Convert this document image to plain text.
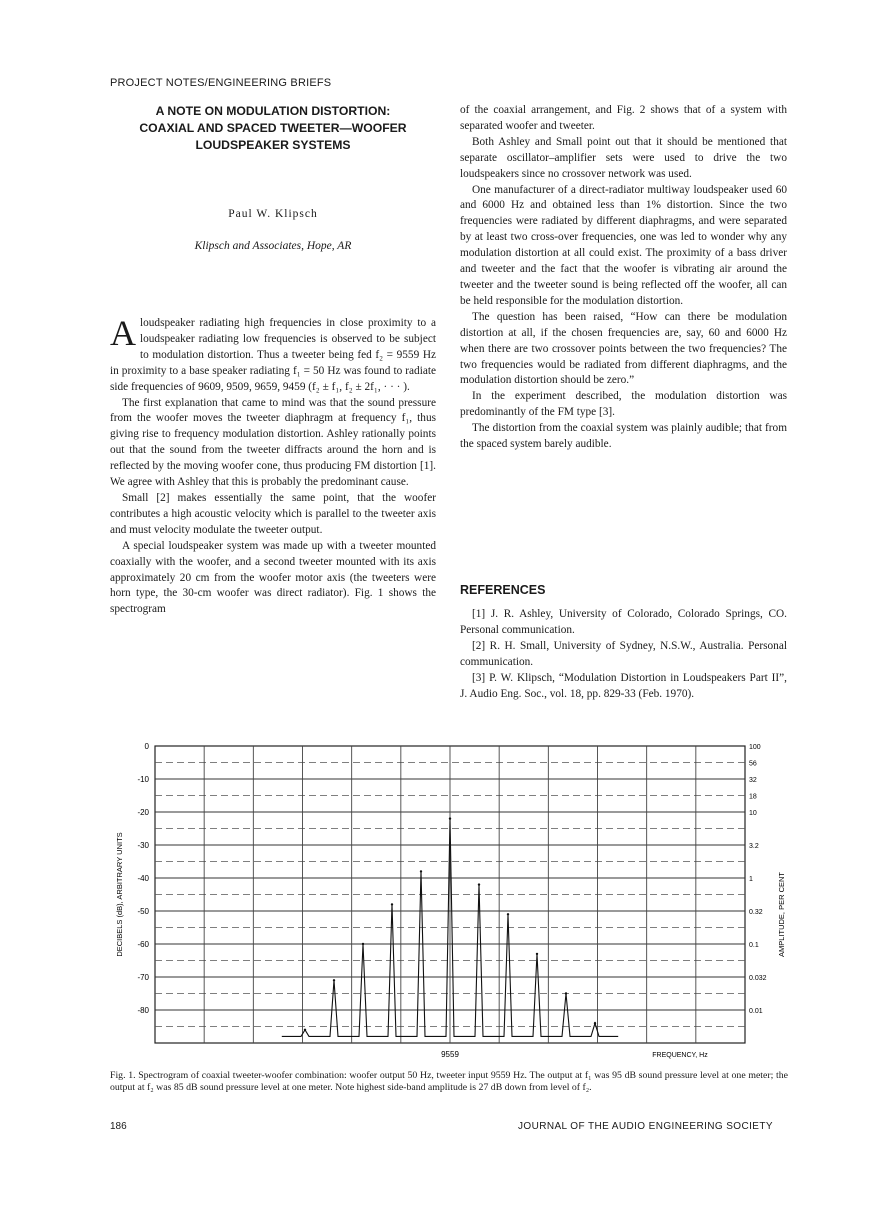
PROJECT NOTES/ENGINEERING BRIEFS
A NOTE ON MODULATION DISTORTION:
COAXIAL AND SPACED TWEETER—WOOFER
LOUDSPEAKER SYSTEMS
Paul W. Klipsch
Klipsch and Associates, Hope, AR

Aloudspeaker radiating high frequencies in close proximity to a loudspeaker radiating low frequencies is observed to be subject to modulation distortion. Thus a tweeter being fed f₂ = 9559 Hz in proximity to a base speaker radiating f₁ = 50 Hz was found to radiate side frequencies of 9609, 9509, 9659, 9459 (f₂ ± f₁, f₂ ± 2f₁, · · · ).

The first explanation that came to mind was that the sound pressure from the woofer moves the tweeter diaphragm at frequency f₁, thus giving rise to frequency modulation distortion. Ashley rationally points out that the sound from the tweeter diffracts around the horn and is reflected by the moving woofer cone, thus producing FM distortion [1]. We agree with Ashley that this is probably the predominant cause.

Small [2] makes essentially the same point, that the woofer contributes a high acoustic velocity which is parallel to the tweeter axis and must velocity modulate the tweeter output.

A special loudspeaker system was made up with a tweeter mounted coaxially with the woofer, and a second tweeter mounted with its axis approximately 20 cm from the woofer motor axis (the tweeters were horn type, the 30-cm woofer was direct radiator). Fig. 1 shows the spectrogram

of the coaxial arrangement, and Fig. 2 shows that of a system with separated woofer and tweeter.

Both Ashley and Small point out that it should be mentioned that separate oscillator–amplifier sets were used to drive the two loudspeakers since no crossover network was used.

One manufacturer of a direct-radiator multiway loudspeaker used 60 and 6000 Hz and obtained less than 1% distortion. Since the two frequencies were radiated by different diaphragms, and were separated by at least two cross-over frequencies, one was led to wonder why any modulation distortion at all could exist. The proximity of a bass driver and tweeter and the fact that the woofer is vibrating air around the tweeter and the tweeter sound is being reflected off the woofer, all can be held responsible for the modulation distortion.

The question has been raised, “How can there be modulation distortion at all, if the chosen frequencies are, say, 60 and 6000 Hz when there are two crossover points between the two frequencies? The two frequencies would be radiated from different diaphragms, and the modulation distortion should be zero.”

In the experiment described, the modulation distortion was predominantly of the FM type [3].

The distortion from the coaxial system was plainly audible; that from the spaced system barely audible.

REFERENCES

[1] J. R. Ashley, University of Colorado, Colorado Springs, CO. Personal communication.

[2] R. H. Small, University of Sydney, N.S.W., Australia. Personal communication.

[3] P. W. Klipsch, “Modulation Distortion in Loudspeakers Part II”, J. Audio Eng. Soc., vol. 18, pp. 829-33 (Feb. 1970).

0
-10
-20
-30
-40
-50
-60
-70
-80
100
56
32
18
10
3.2
1
0.32
0.1
0.032
0.01
9559	FREQUENCY, Hz
DECIBELS (dB), ARBITRARY UNITS	AMPLITUDE, PER CENT
Fig. 1. Spectrogram of coaxial tweeter-woofer combination: woofer output 50 Hz, tweeter input 9559 Hz. The output at f₁ was 95 dB sound pressure level at one meter; the output at f₂ was 85 dB sound pressure level at one meter. Note highest side-band amplitude is 27 dB down from level of f₂.
186	JOURNAL OF THE AUDIO ENGINEERING SOCIETY
